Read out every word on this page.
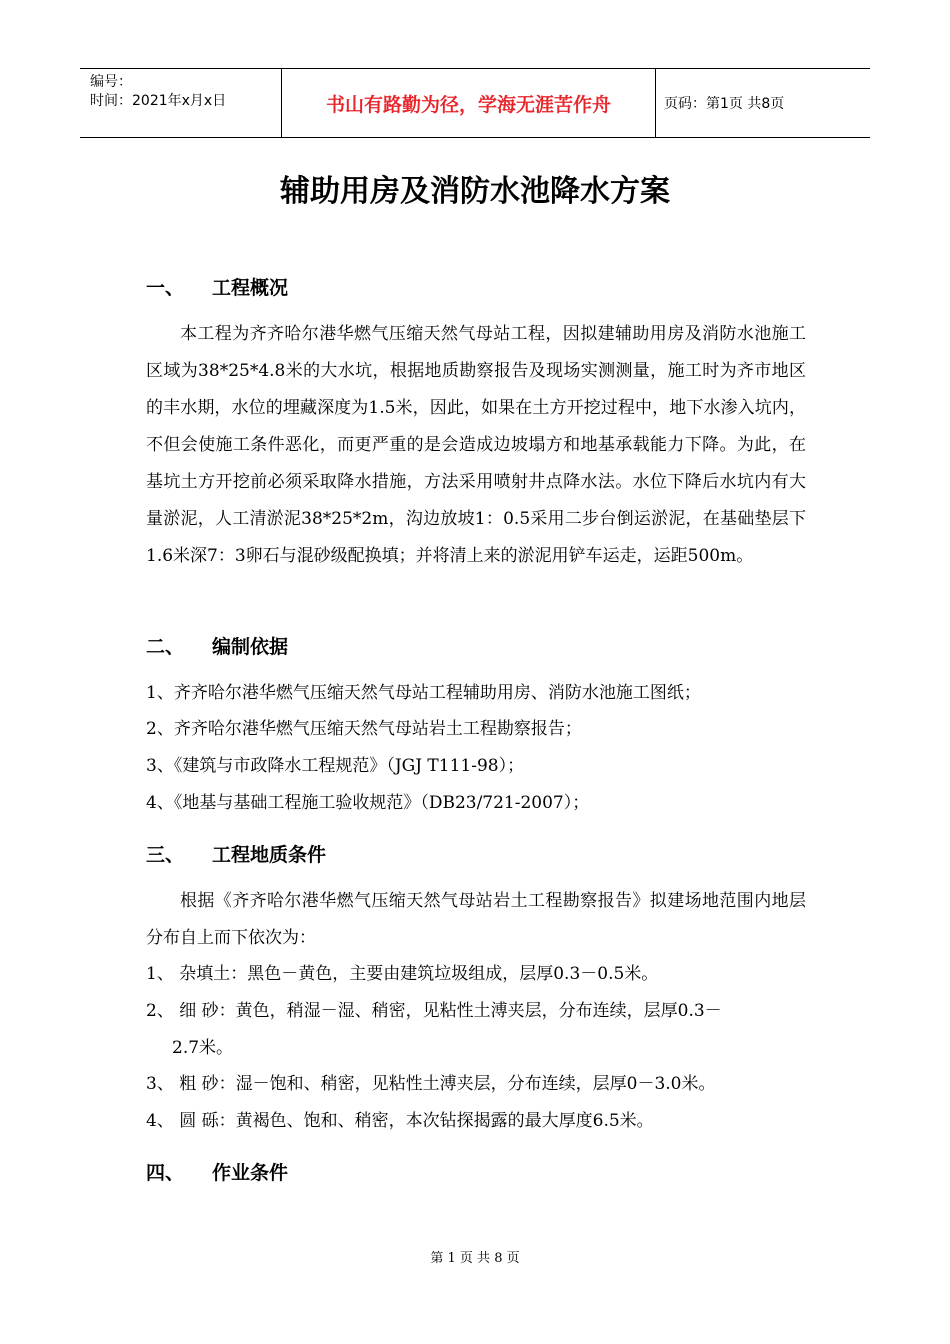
编号：
时间：2021年x月x日	书山有路勤为径，学海无涯苦作舟	页码：第1页 共8页
辅助用房及消防水池降水方案
一、 工程概况
本工程为齐齐哈尔港华燃气压缩天然气母站工程，因拟建辅助用房及消防水池施工区域为38*25*4.8米的大水坑，根据地质勘察报告及现场实测测量，施工时为齐市地区的丰水期，水位的埋藏深度为1.5米，因此，如果在土方开挖过程中，地下水渗入坑内，不但会使施工条件恶化，而更严重的是会造成边坡塌方和地基承载能力下降。为此，在基坑土方开挖前必须采取降水措施，方法采用喷射井点降水法。水位下降后水坑内有大量淤泥，人工清淤泥38*25*2m，沟边放坡1：0.5采用二步台倒运淤泥，在基础垫层下1.6米深7：3卵石与混砂级配换填；并将清上来的淤泥用铲车运走，运距500m。
二、 编制依据
1、齐齐哈尔港华燃气压缩天然气母站工程辅助用房、消防水池施工图纸；
2、齐齐哈尔港华燃气压缩天然气母站岩土工程勘察报告；
3、《建筑与市政降水工程规范》（JGJ T111-98）；
4、《地基与基础工程施工验收规范》（DB23/721-2007）；
三、 工程地质条件
根据《齐齐哈尔港华燃气压缩天然气母站岩土工程勘察报告》拟建场地范围内地层分布自上而下依次为：
1、 杂填土：黑色－黄色，主要由建筑垃圾组成，层厚0.3－0.5米。
2、 细 砂：黄色，稍湿－湿、稍密，见粘性土溥夹层，分布连续，层厚0.3－
2.7米。
3、 粗 砂：湿－饱和、稍密，见粘性土溥夹层，分布连续，层厚0－3.0米。
4、 圆 砾：黄褐色、饱和、稍密，本次钻探揭露的最大厚度6.5米。
四、 作业条件
第 1 页 共 8 页
